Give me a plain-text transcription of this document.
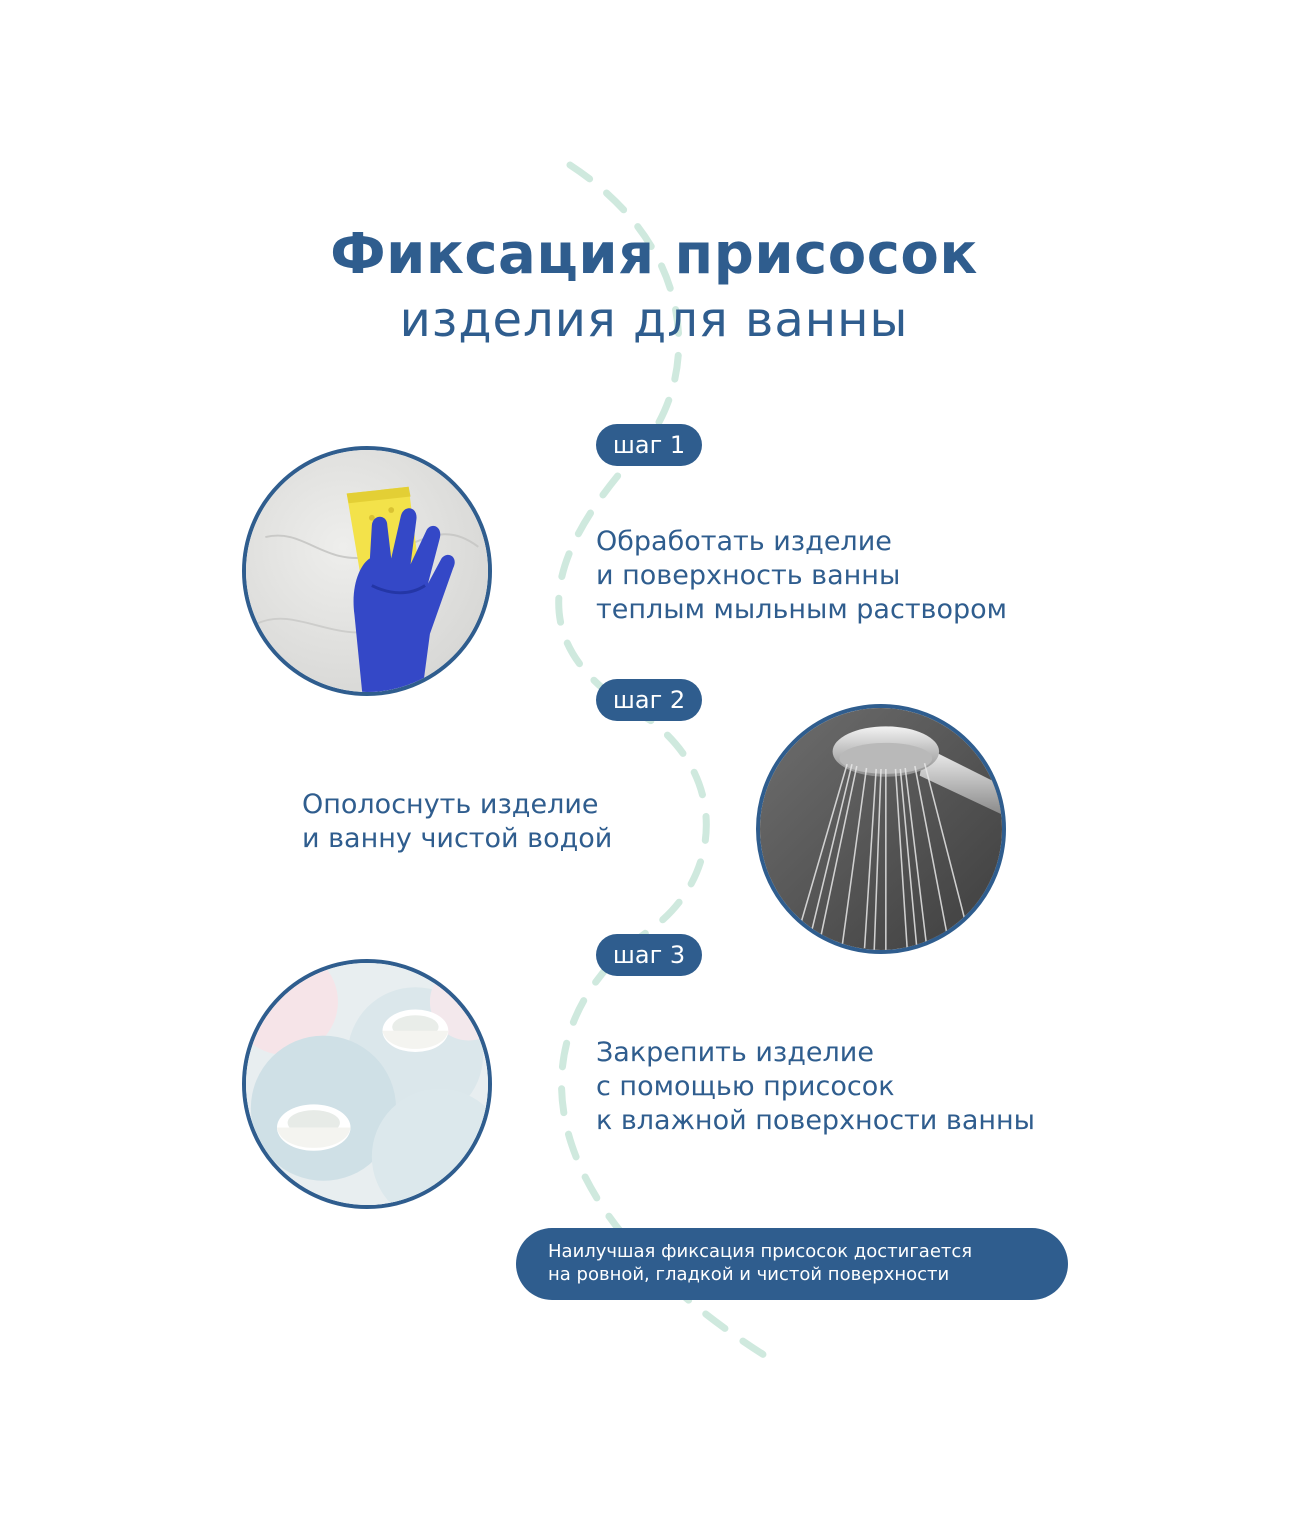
Фиксация присосок
изделия для ванны
шаг 1
Обработать изделие
и поверхность ванны
теплым мыльным раствором
шаг 2
Ополоснуть изделие
и ванну чистой водой
шаг 3
Закрепить изделие
с помощью присосок
к влажной поверхности ванны
Наилучшая фиксация присосок достигается
на ровной, гладкой и чистой поверхности
